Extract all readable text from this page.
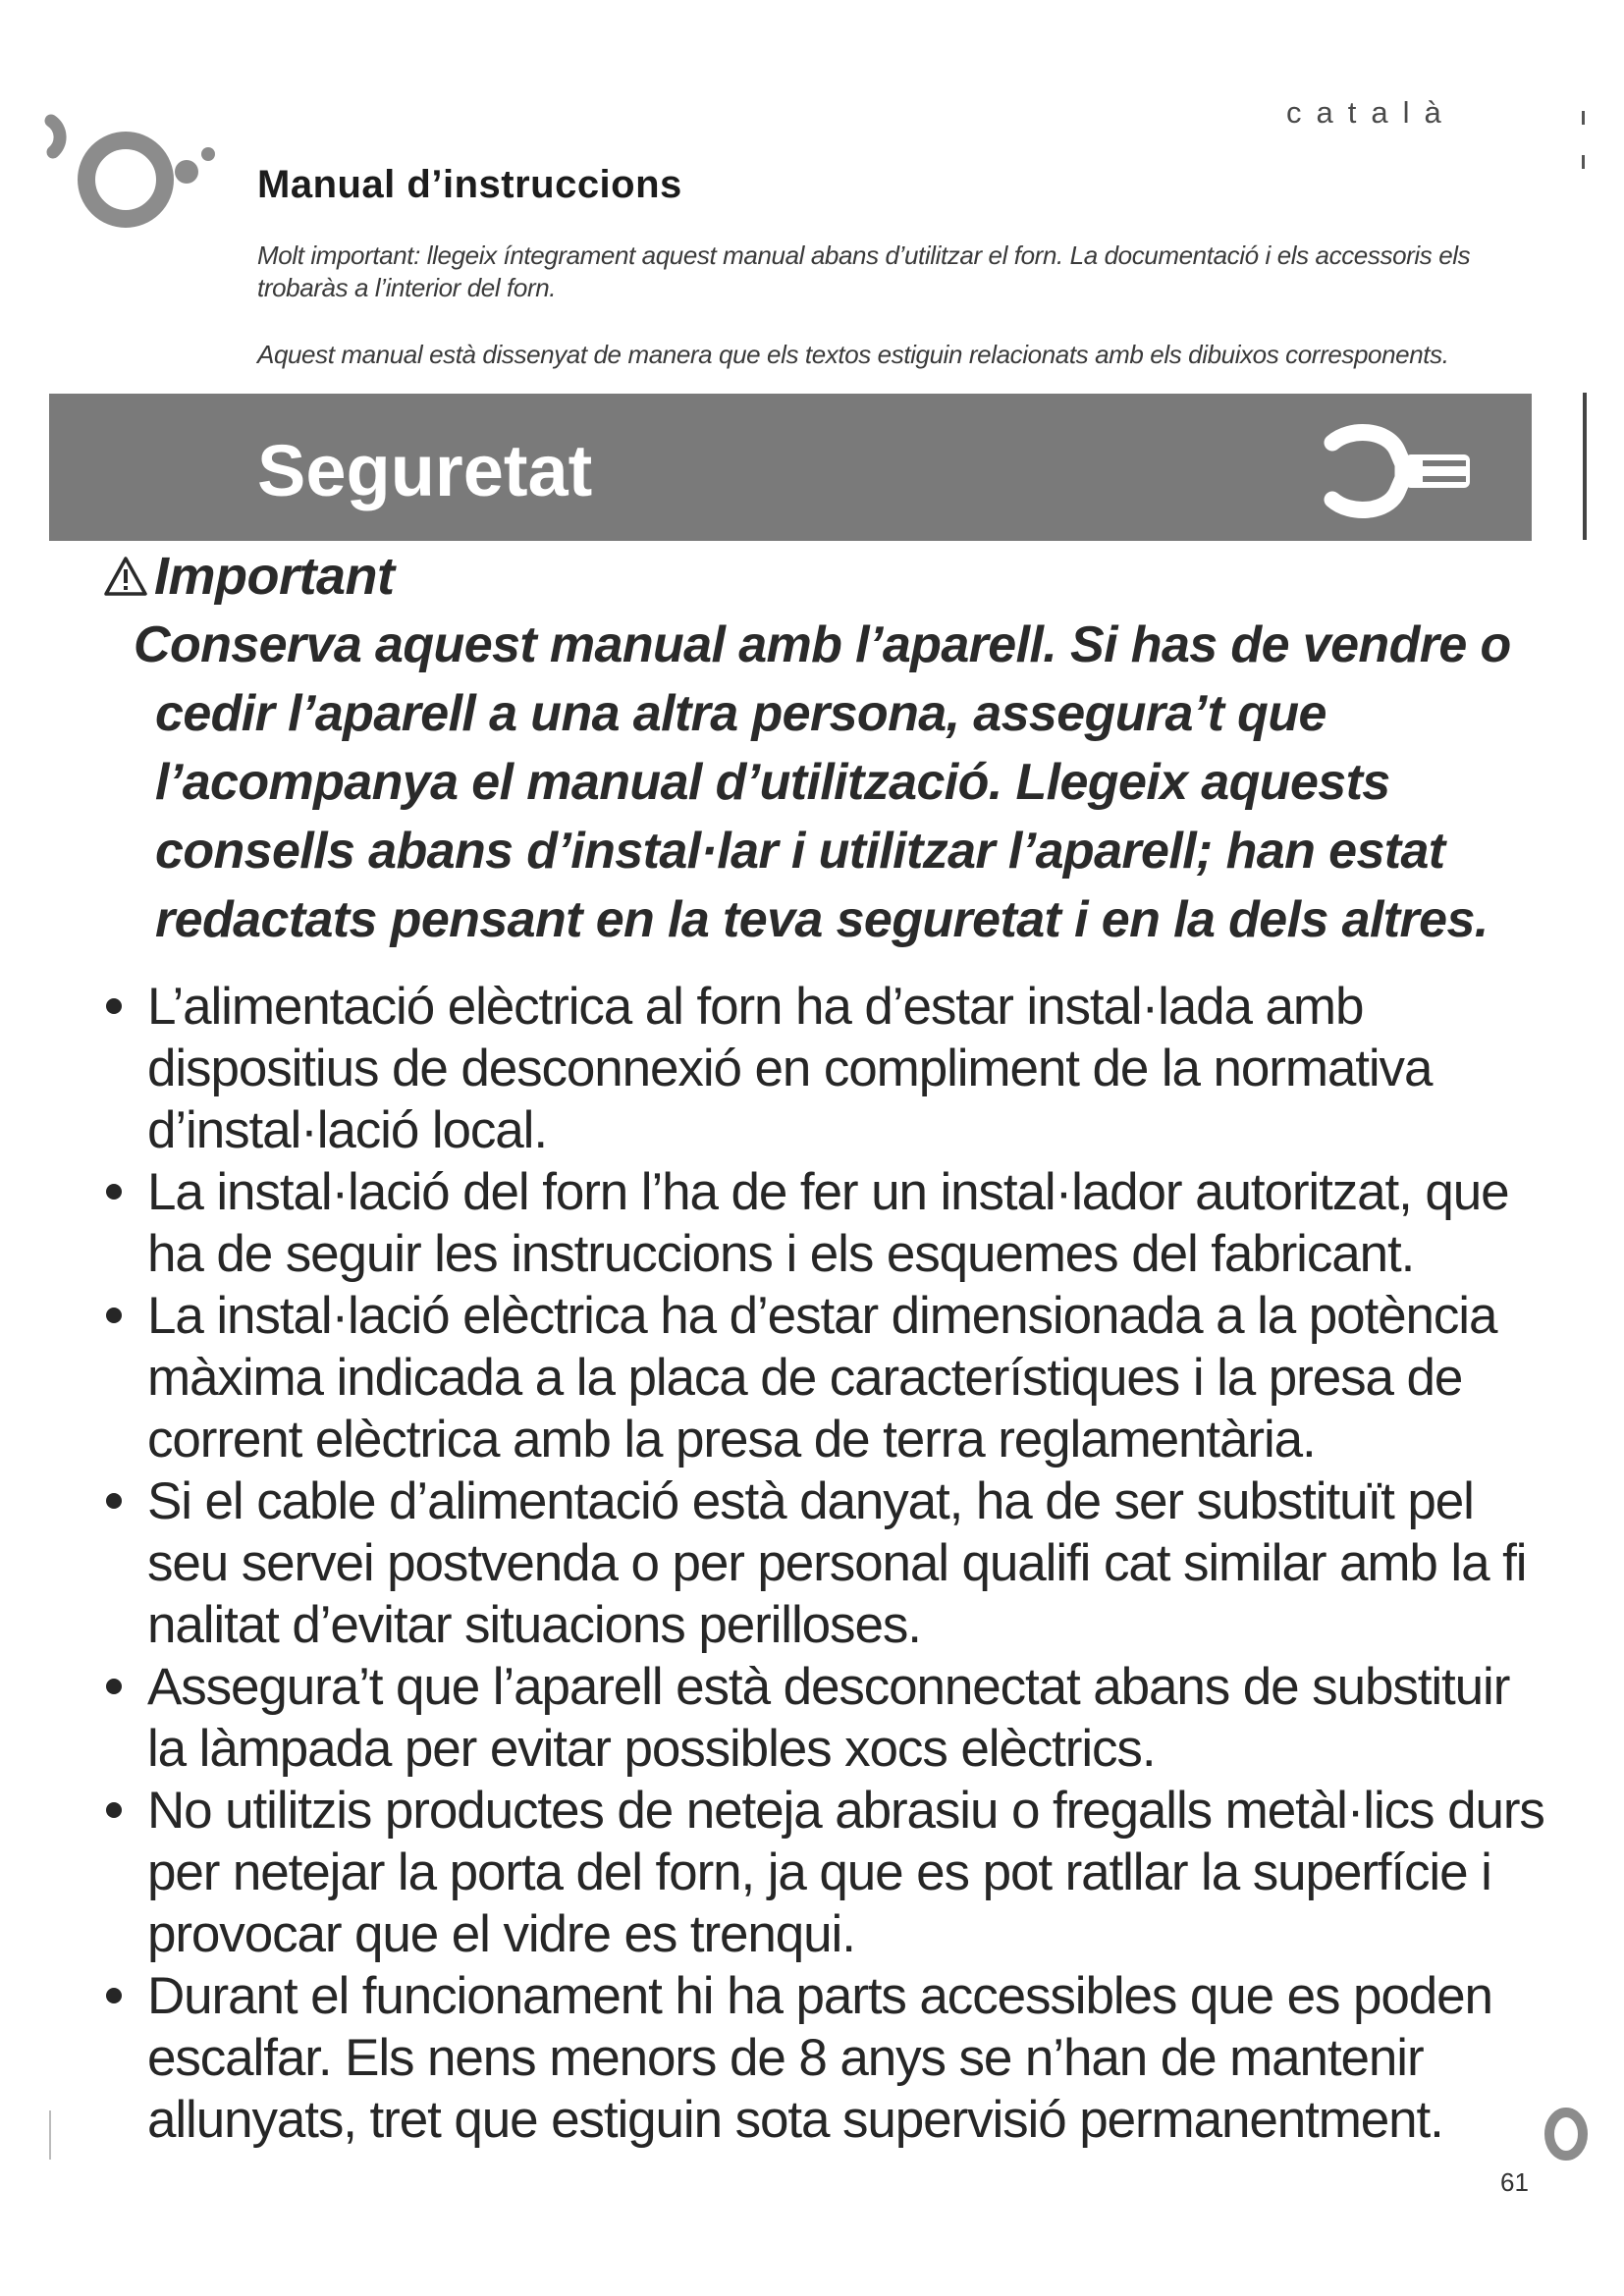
català
Manual d’instruccions
Molt important: llegeix íntegrament aquest manual abans d’utilitzar el forn. La documentació i els accessoris els trobaràs a l’interior del forn.
Aquest manual està dissenyat de manera que els textos estiguin relacionats amb els dibuixos corresponents.
Seguretat
Important

Conserva aquest manual amb l’aparell. Si has de vendre o cedir l’aparell a una altra persona, assegura’t que l’acompanya el manual d’utilització. Llegeix aquests consells abans d’instal·lar i utilitzar l’aparell; han estat redactats pensant en la teva seguretat i en la dels altres.

L’alimentació elèctrica al forn ha d’estar instal·lada amb dispositius de desconnexió en compliment de la normativa d’instal·lació local.
La instal·lació del forn l’ha de fer un instal·lador autoritzat, que ha de seguir les instruccions i els esquemes del fabricant.
La instal·lació elèctrica ha d’estar dimensionada a la potència màxima indicada a la placa de característiques i la presa de corrent elèctrica amb la presa de terra reglamentària.
Si el cable d’alimentació està danyat, ha de ser substituït pel seu servei postvenda o per personal qualifi cat similar amb la fi nalitat d’evitar situacions perilloses.
Assegura’t que l’aparell està desconnectat abans de substituir la làmpada per evitar possibles xocs elèctrics.
No utilitzis productes de neteja abrasiu o fregalls metàl·lics durs per netejar la porta del forn, ja que es pot ratllar la superfície i provocar que el vidre es trenqui.
Durant el funcionament hi ha parts accessibles que es poden escalfar. Els nens menors de 8 anys se n’han de mantenir allunyats, tret que estiguin sota supervisió permanentment.
61
